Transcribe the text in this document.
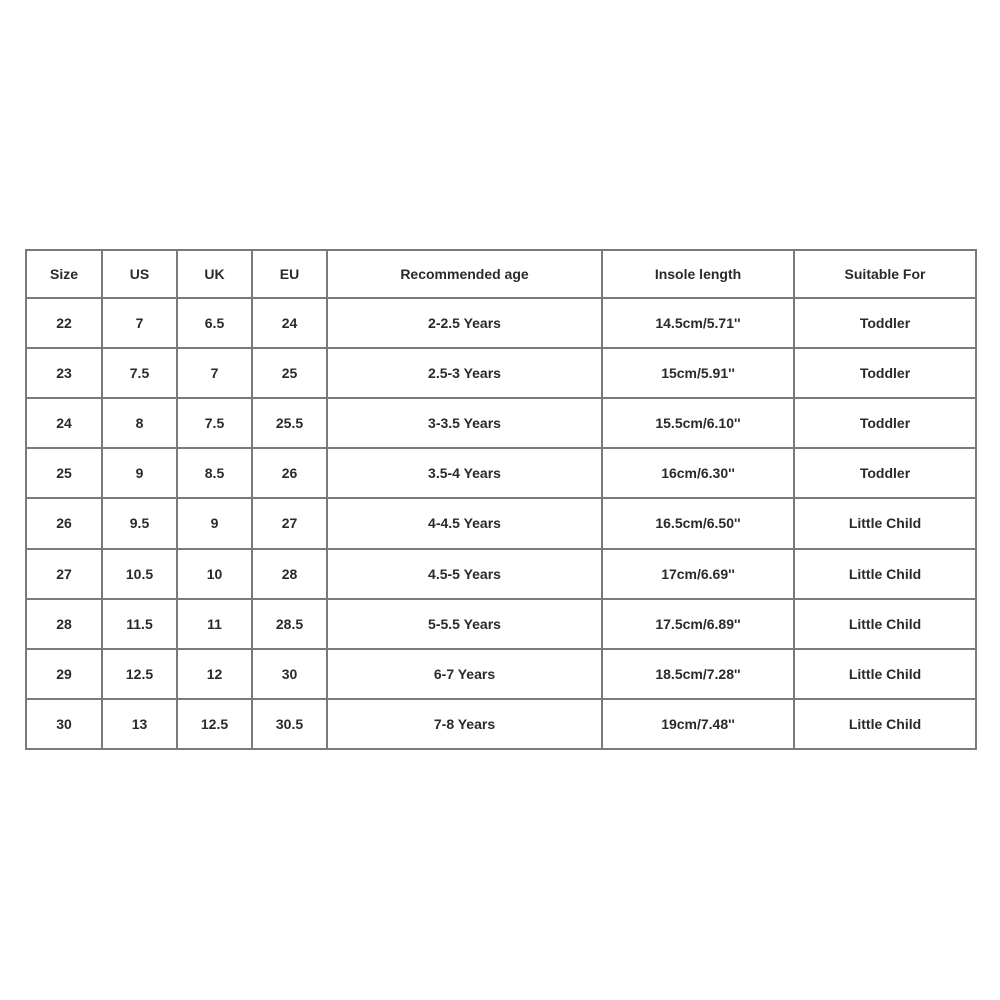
Size	US	UK	EU	Recommended age	Insole length	Suitable For
22	7	6.5	24	2-2.5 Years	14.5cm/5.71''	Toddler
23	7.5	7	25	2.5-3 Years	15cm/5.91''	Toddler
24	8	7.5	25.5	3-3.5 Years	15.5cm/6.10''	Toddler
25	9	8.5	26	3.5-4 Years	16cm/6.30''	Toddler
26	9.5	9	27	4-4.5 Years	16.5cm/6.50''	Little Child
27	10.5	10	28	4.5-5 Years	17cm/6.69''	Little Child
28	11.5	11	28.5	5-5.5 Years	17.5cm/6.89''	Little Child
29	12.5	12	30	6-7 Years	18.5cm/7.28''	Little Child
30	13	12.5	30.5	7-8 Years	19cm/7.48''	Little Child
